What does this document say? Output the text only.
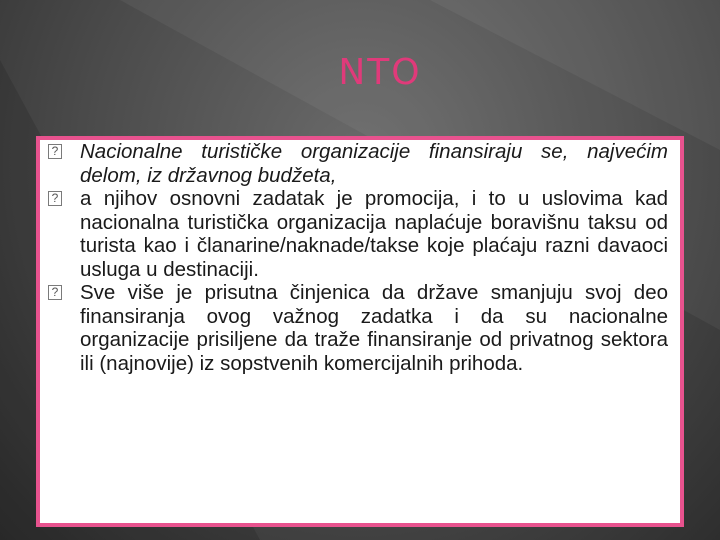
NTO
? Nacionalne turističke organizacije finansiraju se, najvećim delom, iz državnog budžeta,
? a njihov osnovni zadatak je promocija, i to u uslovima kad nacionalna turistička organizacija naplaćuje boravišnu taksu od turista kao i članarine/naknade/takse koje plaćaju razni davaoci usluga u destinaciji.
? Sve više je prisutna činjenica da države smanjuju svoj deo finansiranja ovog važnog zadatka i da su nacionalne organizacije prisiljene da traže finansiranje od privatnog sektora ili (najnovije) iz sopstvenih komercijalnih prihoda.
